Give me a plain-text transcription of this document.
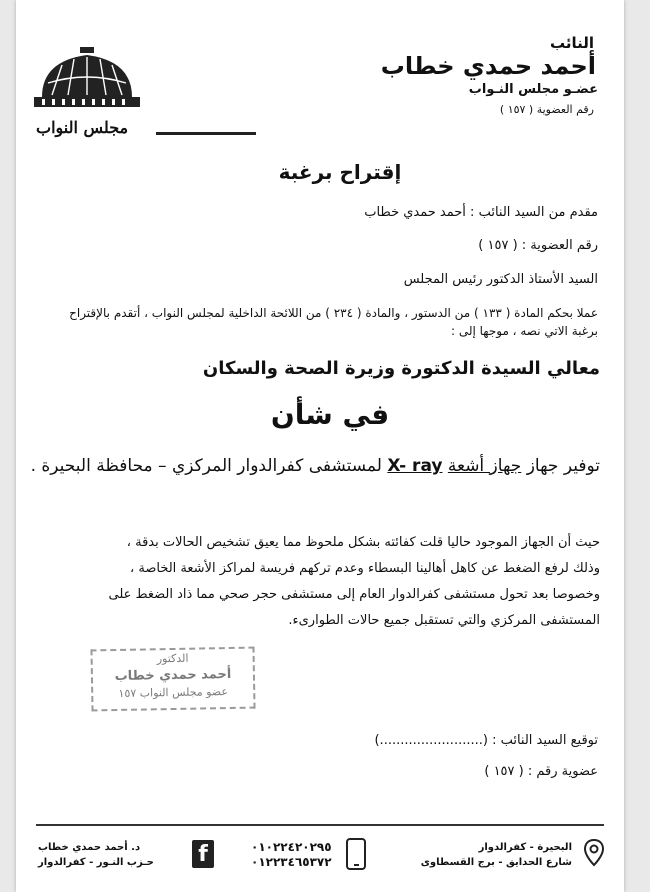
النائب
أحمد حمدي خطاب
عضـو مجلس النـواب
رقم العضوية ( ١٥٧ )
مجلس النواب
إقتراح برغبة
مقدم من السيد النائب : أحمد حمدي خطاب
رقم العضوية : ( ١٥٧ )
السيد الأستاذ الدكتور رئيس المجلس
عملا بحكم المادة ( ١٣٣ ) من الدستور ، والمادة ( ٢٣٤ ) من اللائحة الداخلية لمجلس النواب ، أتقدم بالإقتراح
برغبة الاتي نصه ، موجها إلى :
معالي السيدة الدكتورة وزيرة الصحة والسكان
في شأن
توفير جهاز جهاز أشعة X- ray لمستشفى كفرالدوار المركزي – محافظة البحيرة .

حيث أن الجهاز الموجود حاليا قلت كفائته بشكل ملحوظ مما يعيق تشخيص الحالات بدقة ،

وذلك لرفع الضغط عن كاهل أهالينا البسطاء وعدم تركهم فريسة لمراكز الأشعة الخاصة ،

وخصوصا بعد تحول مستشفى كفرالدوار العام إلى مستشفى حجر صحي مما ذاد الضغط على

المستشفى المركزي والتي تستقبل جميع حالات الطوارىء.

الدكتور
أحمد حمدي خطاب
عضو مجلس النواب ١٥٧
توقيع السيد النائب : (.........................)
عضوية رقم : ( ١٥٧ )
د. أحمد حمدي خطاب
حـزب النـور - كفرالدوار f	٠١٠٢٢٤٢٠٢٩٥
٠١٢٢٣٤٦٥٣٧٢
البحيرة - كفرالدوار
شارع الحدايق - برج القسطاوى
